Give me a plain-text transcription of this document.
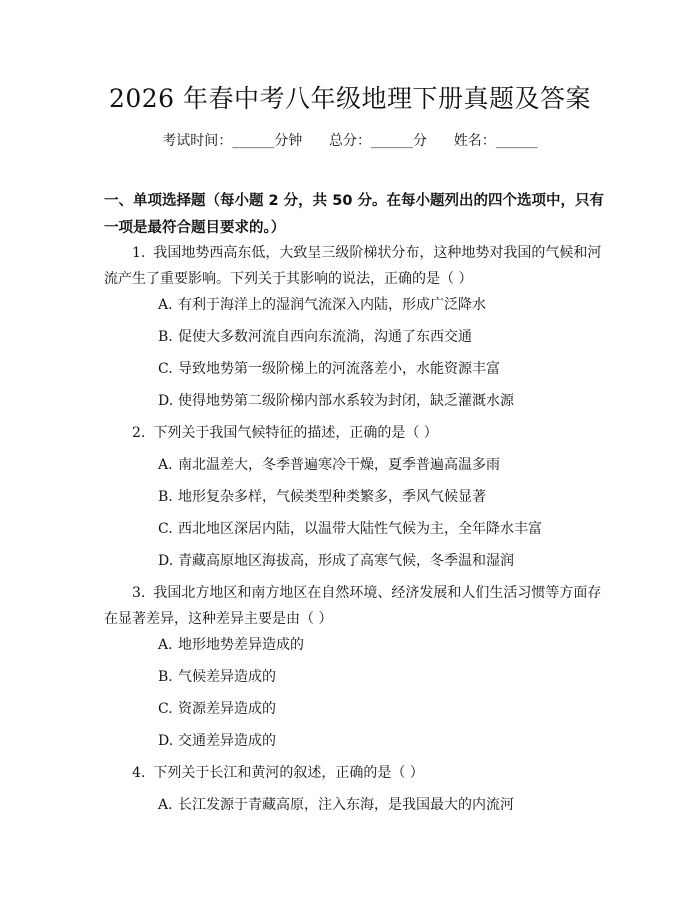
2026 年春中考八年级地理下册真题及答案
考试时间：______分钟 总分：______分 姓名：______
一、单项选择题（每小题 2 分，共 50 分。在每小题列出的四个选项中，只有一项是最符合题目要求的。）
1. 我国地势西高东低，大致呈三级阶梯状分布，这种地势对我国的气候和河流产生了重要影响。下列关于其影响的说法，正确的是（ ）
A. 有利于海洋上的湿润气流深入内陆，形成广泛降水
B. 促使大多数河流自西向东流淌，沟通了东西交通
C. 导致地势第一级阶梯上的河流落差小，水能资源丰富
D. 使得地势第二级阶梯内部水系较为封闭，缺乏灌溉水源
2. 下列关于我国气候特征的描述，正确的是（ ）
A. 南北温差大，冬季普遍寒冷干燥，夏季普遍高温多雨
B. 地形复杂多样，气候类型种类繁多，季风气候显著
C. 西北地区深居内陆，以温带大陆性气候为主，全年降水丰富
D. 青藏高原地区海拔高，形成了高寒气候，冬季温和湿润
3. 我国北方地区和南方地区在自然环境、经济发展和人们生活习惯等方面存在显著差异，这种差异主要是由（ ）
A. 地形地势差异造成的
B. 气候差异造成的
C. 资源差异造成的
D. 交通差异造成的
4. 下列关于长江和黄河的叙述，正确的是（ ）
A. 长江发源于青藏高原，注入东海，是我国最大的内流河
